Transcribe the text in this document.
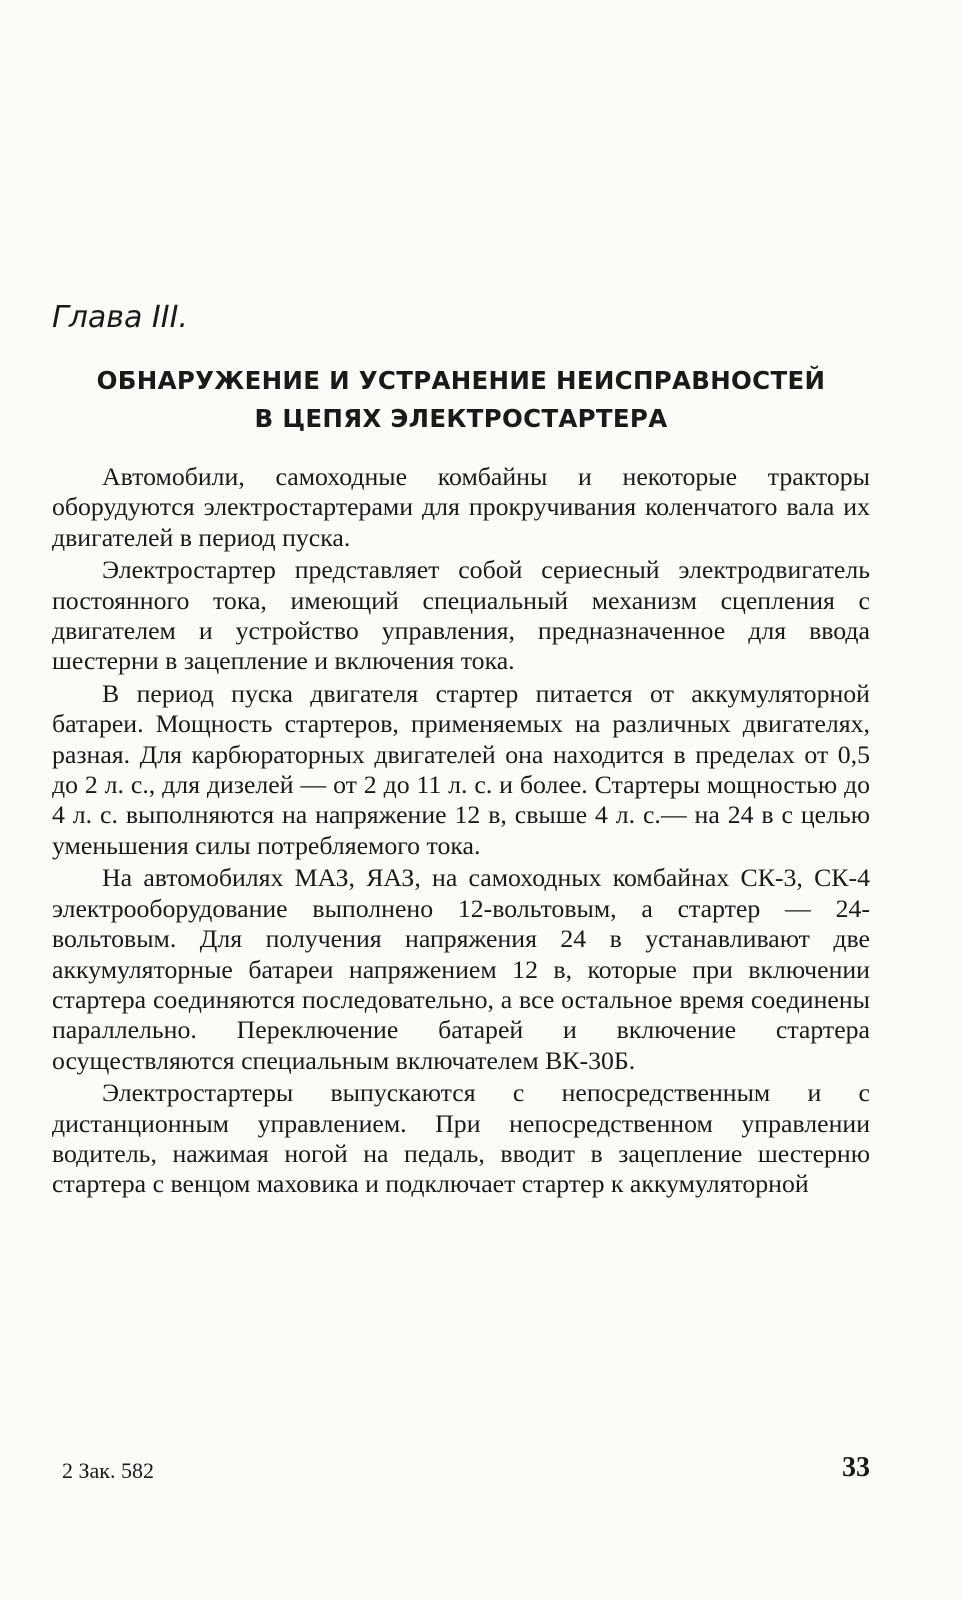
Глава III.
ОБНАРУЖЕНИЕ И УСТРАНЕНИЕ НЕИСПРАВНОСТЕЙ
В ЦЕПЯХ ЭЛЕКТРОСТАРТЕРА

Автомобили, самоходные комбайны и некоторые тракторы оборудуются электростартерами для прокручивания коленчатого вала их двигателей в период пуска.

Электростартер представляет собой сериесный электродвигатель постоянного тока, имеющий специальный механизм сцепления с двигателем и устройство управления, предназначенное для ввода шестерни в зацепление и включения тока.

В период пуска двигателя стартер питается от аккумуляторной батареи. Мощность стартеров, применяемых на различных двигателях, разная. Для карбюраторных двигателей она находится в пределах от 0,5 до 2 л. с., для дизелей — от 2 до 11 л. с. и более. Стартеры мощностью до 4 л. с. выполняются на напряжение 12 в, свыше 4 л. с.— на 24 в с целью уменьшения силы потребляемого тока.

На автомобилях МАЗ, ЯАЗ, на самоходных комбайнах СК-3, СК-4 электрооборудование выполнено 12-вольтовым, а стартер — 24-вольтовым. Для получения напряжения 24 в устанавливают две аккумуляторные батареи напряжением 12 в, которые при включении стартера соединяются последовательно, а все остальное время соединены параллельно. Переключение батарей и включение стартера осуществляются специальным включателем ВК-30Б.

Электростартеры выпускаются с непосредственным и с дистанционным управлением. При непосредственном управлении водитель, нажимая ногой на педаль, вводит в зацепление шестерню стартера с венцом маховика и подключает стартер к аккумуляторной

2 Зак. 582	33
